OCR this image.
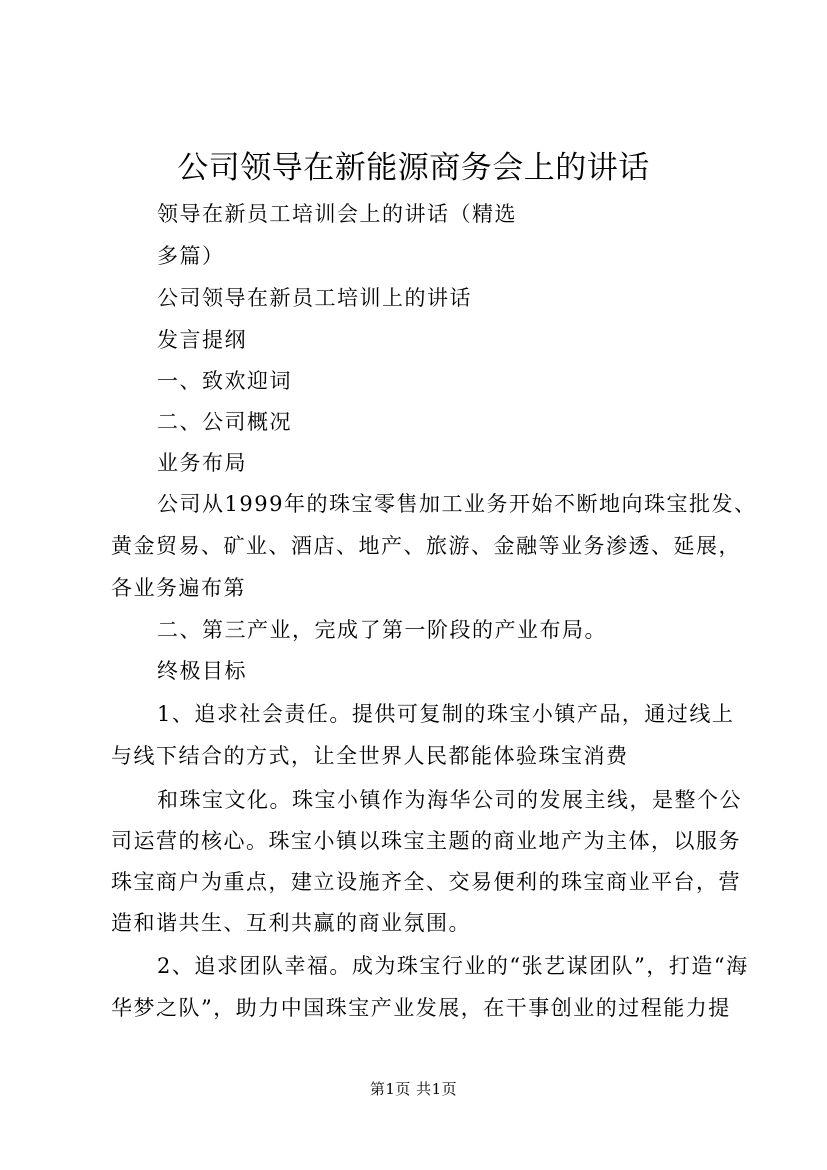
公司领导在新能源商务会上的讲话
领导在新员工培训会上的讲话（精选
多篇）
公司领导在新员工培训上的讲话
发言提纲
一、致欢迎词
二、公司概况
业务布局
公司从1999年的珠宝零售加工业务开始不断地向珠宝批发、
黄金贸易、矿业、酒店、地产、旅游、金融等业务渗透、延展，
各业务遍布第
二、第三产业，完成了第一阶段的产业布局。
终极目标
1、追求社会责任。提供可复制的珠宝小镇产品，通过线上
与线下结合的方式，让全世界人民都能体验珠宝消费
和珠宝文化。珠宝小镇作为海华公司的发展主线，是整个公
司运营的核心。珠宝小镇以珠宝主题的商业地产为主体，以服务
珠宝商户为重点，建立设施齐全、交易便利的珠宝商业平台，营
造和谐共生、互利共赢的商业氛围。
2、追求团队幸福。成为珠宝行业的“张艺谋团队”，打造“海
华梦之队”，助力中国珠宝产业发展，在干事创业的过程能力提
第1页 共1页
